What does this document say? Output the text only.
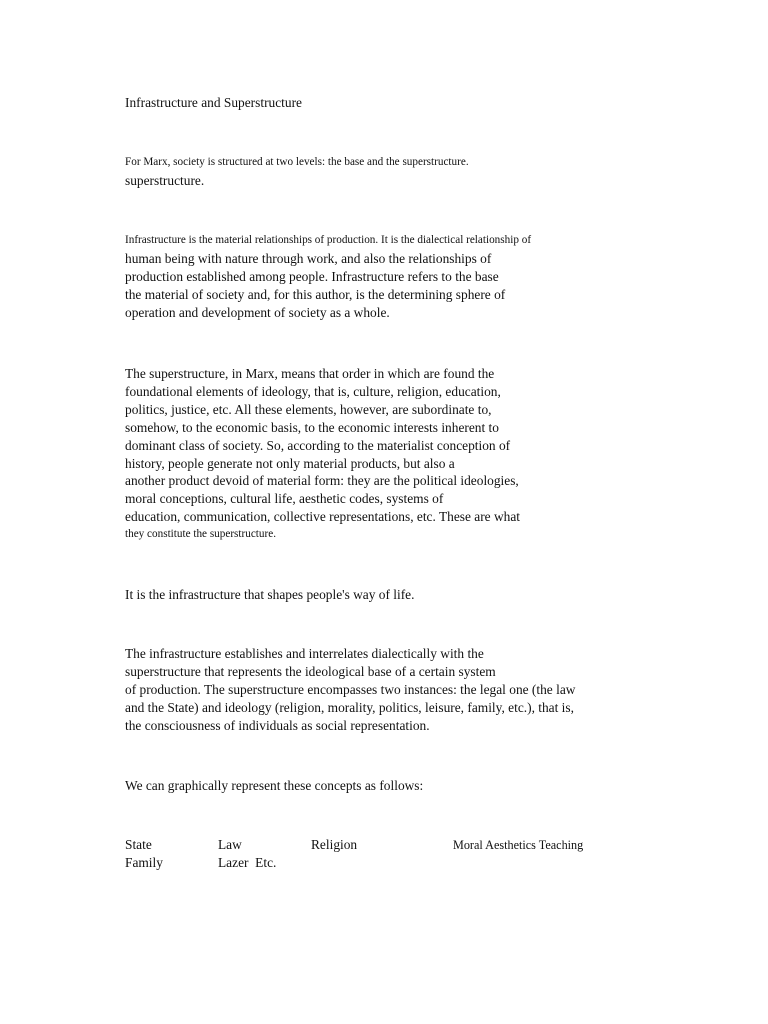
Infrastructure and Superstructure
For Marx, society is structured at two levels: the base and the superstructure.
superstructure.
Infrastructure is the material relationships of production. It is the dialectical relationship of
human being with nature through work, and also the relationships of
production established among people. Infrastructure refers to the base
the material of society and, for this author, is the determining sphere of
operation and development of society as a whole.
The superstructure, in Marx, means that order in which are found the
foundational elements of ideology, that is, culture, religion, education,
politics, justice, etc. All these elements, however, are subordinate to,
somehow, to the economic basis, to the economic interests inherent to
dominant class of society. So, according to the materialist conception of
history, people generate not only material products, but also a
another product devoid of material form: they are the political ideologies,
moral conceptions, cultural life, aesthetic codes, systems of
education, communication, collective representations, etc. These are what
they constitute the superstructure.
It is the infrastructure that shapes people's way of life.
The infrastructure establishes and interrelates dialectically with the
superstructure that represents the ideological base of a certain system
of production. The superstructure encompasses two instances: the legal one (the law
and the State) and ideology (religion, morality, politics, leisure, family, etc.), that is,
the consciousness of individuals as social representation.
We can graphically represent these concepts as follows:
State	Law	Religion	Moral Aesthetics Teaching
Family	Lazer  Etc.
